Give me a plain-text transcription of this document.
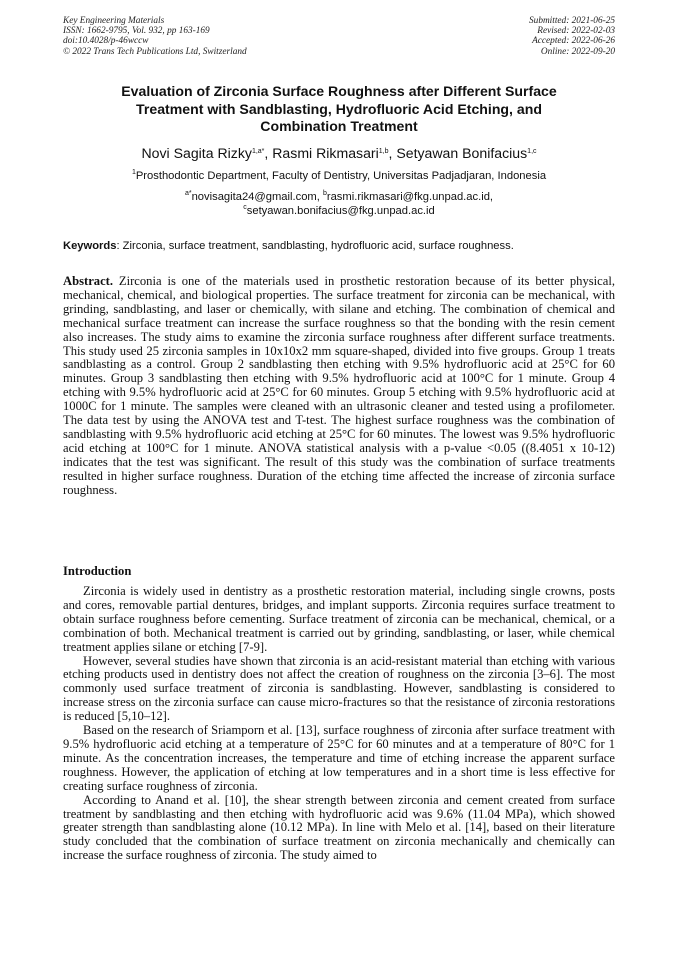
Key Engineering Materials
ISSN: 1662-9795, Vol. 932, pp 163-169
doi:10.4028/p-46wccw
© 2022 Trans Tech Publications Ltd, Switzerland
Submitted: 2021-06-25
Revised: 2022-02-03
Accepted: 2022-06-26
Online: 2022-09-20
Evaluation of Zirconia Surface Roughness after Different Surface
Treatment with Sandblasting, Hydrofluoric Acid Etching, and
Combination Treatment
Novi Sagita Rizky$^{1,a*}$, Rasmi Rikmasari$^{1,b}$, Setyawan Bonifacius$^{1,c}$
$^1$Prosthodontic Department, Faculty of Dentistry, Universitas Padjadjaran, Indonesia
$^{a*}$novisagita24@gmail.com, $^b$rasmi.rikmasari@fkg.unpad.ac.id,
$^c$setyawan.bonifacius@fkg.unpad.ac.id
Keywords: Zirconia, surface treatment, sandblasting, hydrofluoric acid, surface roughness.

Abstract. Zirconia is one of the materials used in prosthetic restoration because of its better physical, mechanical, chemical, and biological properties. The surface treatment for zirconia can be mechanical, with grinding, sandblasting, and laser or chemically, with silane and etching. The combination of chemical and mechanical surface treatment can increase the surface roughness so that the bonding with the resin cement also increases. The study aims to examine the zirconia surface roughness after different surface treatments. This study used 25 zirconia samples in 10x10x2 mm square-shaped, divided into five groups. Group 1 treats sandblasting as a control. Group 2 sandblasting then etching with 9.5% hydrofluoric acid at 25°C for 60 minutes. Group 3 sandblasting then etching with 9.5% hydrofluoric acid at 100°C for 1 minute. Group 4 etching with 9.5% hydrofluoric acid at 25°C for 60 minutes. Group 5 etching with 9.5% hydrofluoric acid at 1000C for 1 minute. The samples were cleaned with an ultrasonic cleaner and tested using a profilometer. The data test by using the ANOVA test and T-test. The highest surface roughness was the combination of sandblasting with 9.5% hydrofluoric acid etching at 25°C for 60 minutes. The lowest was 9.5% hydrofluoric acid etching at 100°C for 1 minute. ANOVA statistical analysis with a p-value <0.05 ((8.4051 x 10-12) indicates that the test was significant. The result of this study was the combination of surface treatments resulted in higher surface roughness. Duration of the etching time affected the increase of zirconia surface roughness.

Introduction

Zirconia is widely used in dentistry as a prosthetic restoration material, including single crowns, posts and cores, removable partial dentures, bridges, and implant supports. Zirconia requires surface treatment to obtain surface roughness before cementing. Surface treatment of zirconia can be mechanical, chemical, or a combination of both. Mechanical treatment is carried out by grinding, sandblasting, or laser, while chemical treatment applies silane or etching [7-9].

However, several studies have shown that zirconia is an acid-resistant material than etching with various etching products used in dentistry does not affect the creation of roughness on the zirconia [3–6]. The most commonly used surface treatment of zirconia is sandblasting. However, sandblasting is considered to increase stress on the zirconia surface can cause micro-fractures so that the resistance of zirconia restorations is reduced [5,10–12].

Based on the research of Sriamporn et al. [13], surface roughness of zirconia after surface treatment with 9.5% hydrofluoric acid etching at a temperature of 25°C for 60 minutes and at a temperature of 80°C for 1 minute. As the concentration increases, the temperature and time of etching increase the apparent surface roughness. However, the application of etching at low temperatures and in a short time is less effective for creating surface roughness of zirconia.

According to Anand et al. [10], the shear strength between zirconia and cement created from surface treatment by sandblasting and then etching with hydrofluoric acid was 9.6% (11.04 MPa), which showed greater strength than sandblasting alone (10.12 MPa). In line with Melo et al. [14], based on their literature study concluded that the combination of surface treatment on zirconia mechanically and chemically can increase the surface roughness of zirconia. The study aimed to
